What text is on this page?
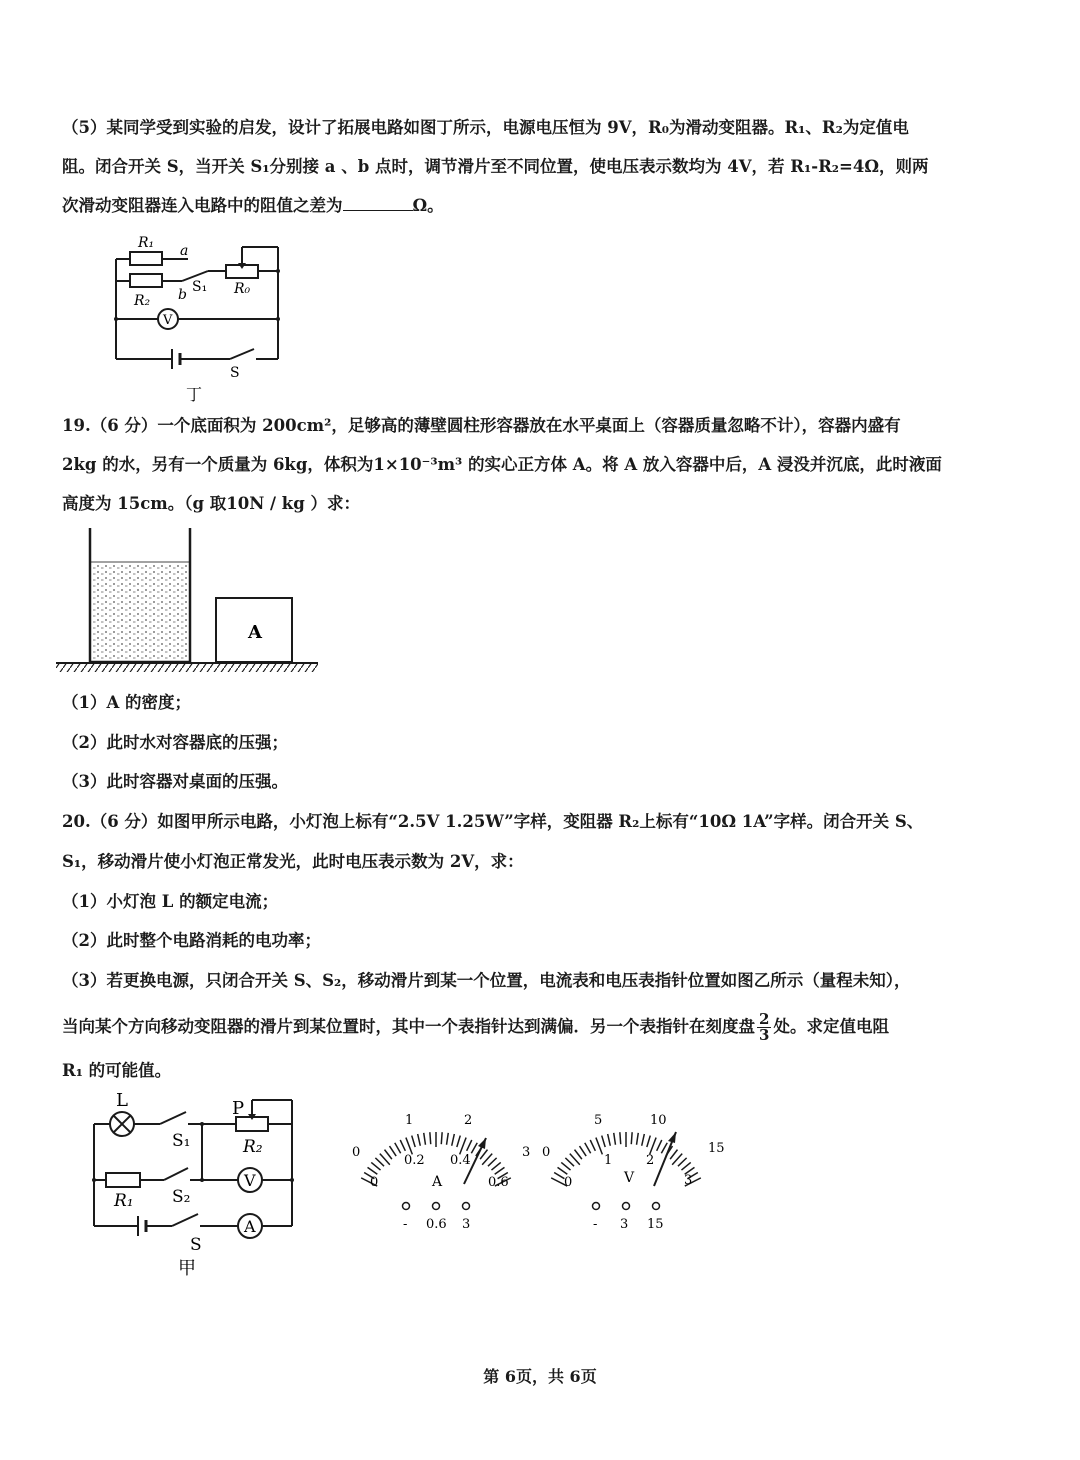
（5）某同学受到实验的启发，设计了拓展电路如图丁所示，电源电压恒为 9V，R₀为滑动变阻器。R₁、R₂为定值电
阻。闭合开关 S，当开关 S₁分别接 a 、b 点时，调节滑片至不同位置，使电压表示数均为 4V，若 R₁-R₂=4Ω，则两
次滑动变阻器连入电路中的阻值之差为	Ω。
R₁ a
R₂ b S₁ R₀
V
S
丁
19.（6 分）一个底面积为 200cm²，足够高的薄壁圆柱形容器放在水平桌面上（容器质量忽略不计），容器内盛有
2kg 的水，另有一个质量为 6kg，体积为1×10⁻³m³ 的实心正方体 A。将 A 放入容器中后，A 浸没并沉底，此时液面
高度为 15cm。（g 取10N / kg ）求：
A
（1）A 的密度；
（2）此时水对容器底的压强；
（3）此时容器对桌面的压强。
20.（6 分）如图甲所示电路，小灯泡上标有“2.5V 1.25W”字样，变阻器 R₂上标有“10Ω 1A”字样。闭合开关 S、
S₁，移动滑片使小灯泡正常发光，此时电压表示数为 2V，求：
（1）小灯泡 L 的额定电流；
（2）此时整个电路消耗的电功率；
（3）若更换电源，只闭合开关 S、S₂，移动滑片到某一个位置，电流表和电压表指针位置如图乙所示（量程未知），
当向某个方向移动变阻器的滑片到某位置时，其中一个表指针达到满偏．另一个表指针在刻度盘 $\frac{2}{3}$ 处。求定值电阻
R₁ 的可能值。
L
S₁
P
R₂
R₁ S₂
V
A
S
甲
0
1	2
3
0
0.2 0.4
0.6
A
- 0.6 3
0
5	10
15
0
1	2
3
V
- 3 15
第 6页，共 6页
